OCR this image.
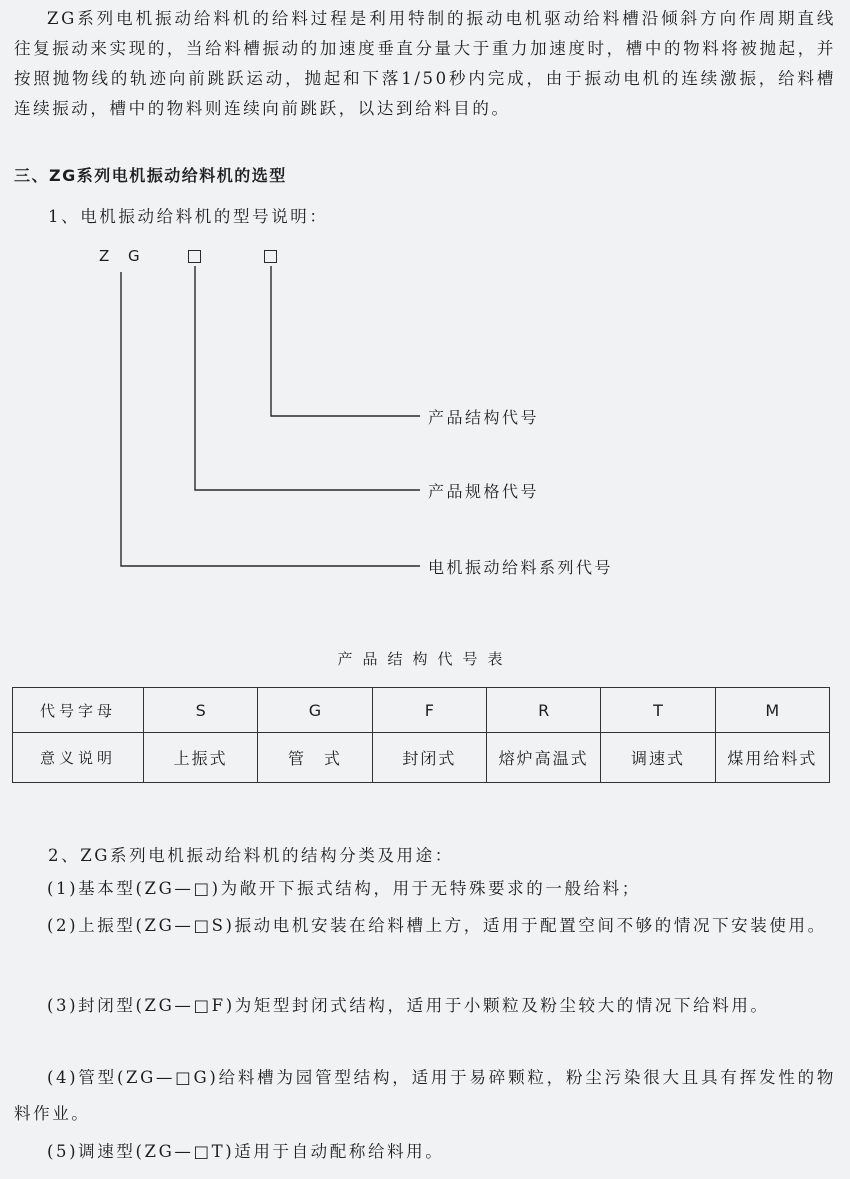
ZG系列电机振动给料机的给料过程是利用特制的振动电机驱动给料槽沿倾斜方向作周期直线往复振动来实现的，当给料槽振动的加速度垂直分量大于重力加速度时，槽中的物料将被抛起，并按照抛物线的轨迹向前跳跃运动，抛起和下落1/50秒内完成，由于振动电机的连续激振，给料槽连续振动，槽中的物料则连续向前跳跃，以达到给料目的。

三、ZG系列电机振动给料机的选型
1、电机振动给料机的型号说明：
Z G
产品结构代号
产品规格代号
电机振动给料系列代号
产品结构代号表
代号字母	S	G	F	R	T	M
意义说明	上振式	管　式	封闭式	熔炉高温式	调速式	煤用给料式
2、ZG系列电机振动给料机的结构分类及用途：

(1)基本型(ZG—□)为敞开下振式结构，用于无特殊要求的一般给料；

(2)上振型(ZG—□S)振动电机安装在给料槽上方，适用于配置空间不够的情况下安装使用。

(3)封闭型(ZG—□F)为矩型封闭式结构，适用于小颗粒及粉尘较大的情况下给料用。

(4)管型(ZG—□G)给料槽为园管型结构，适用于易碎颗粒，粉尘污染很大且具有挥发性的物料作业。

(5)调速型(ZG—□T)适用于自动配称给料用。
